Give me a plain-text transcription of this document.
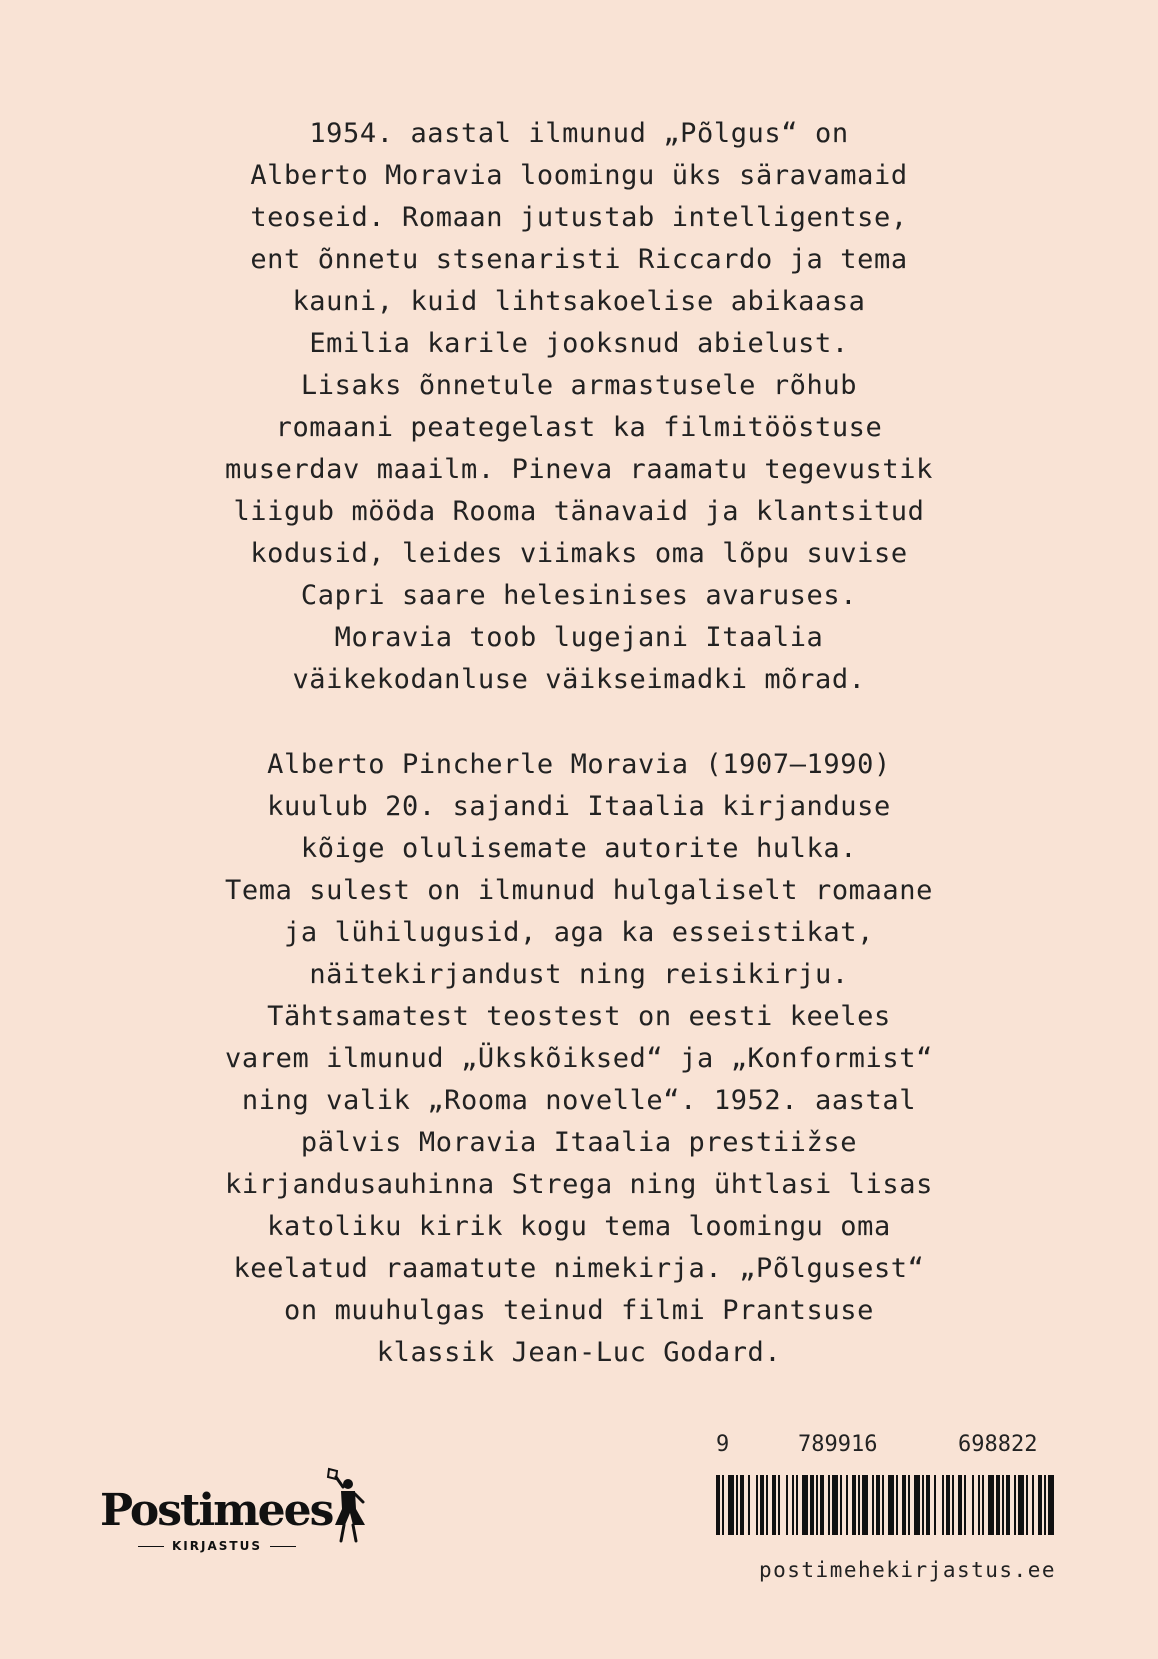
1954. aastal ilmunud „Põlgus“ on
Alberto Moravia loomingu üks säravamaid
teoseid. Romaan jutustab intelligentse,
ent õnnetu stsenaristi Riccardo ja tema
kauni, kuid lihtsakoelise abikaasa
Emilia karile jooksnud abielust.
Lisaks õnnetule armastusele rõhub
romaani peategelast ka filmitööstuse
muserdav maailm. Pineva raamatu tegevustik
liigub mööda Rooma tänavaid ja klantsitud
kodusid, leides viimaks oma lõpu suvise
Capri saare helesinises avaruses.
Moravia toob lugejani Itaalia
väikekodanluse väikseimadki mõrad.

Alberto Pincherle Moravia (1907–1990)
kuulub 20. sajandi Itaalia kirjanduse
kõige olulisemate autorite hulka.
Tema sulest on ilmunud hulgaliselt romaane
ja lühilugusid, aga ka esseistikat,
näitekirjandust ning reisikirju.
Tähtsamatest teostest on eesti keeles
varem ilmunud „Ükskõiksed“ ja „Konformist“
ning valik „Rooma novelle“. 1952. aastal
pälvis Moravia Itaalia prestiižse
kirjandusauhinna Strega ning ühtlasi lisas
katoliku kirik kogu tema loomingu oma
keelatud raamatute nimekirja. „Põlgusest“
on muuhulgas teinud filmi Prantsuse
klassik Jean-Luc Godard.

Postimees
KIRJASTUS
9	789916	698822
postimehekirjastus.ee
